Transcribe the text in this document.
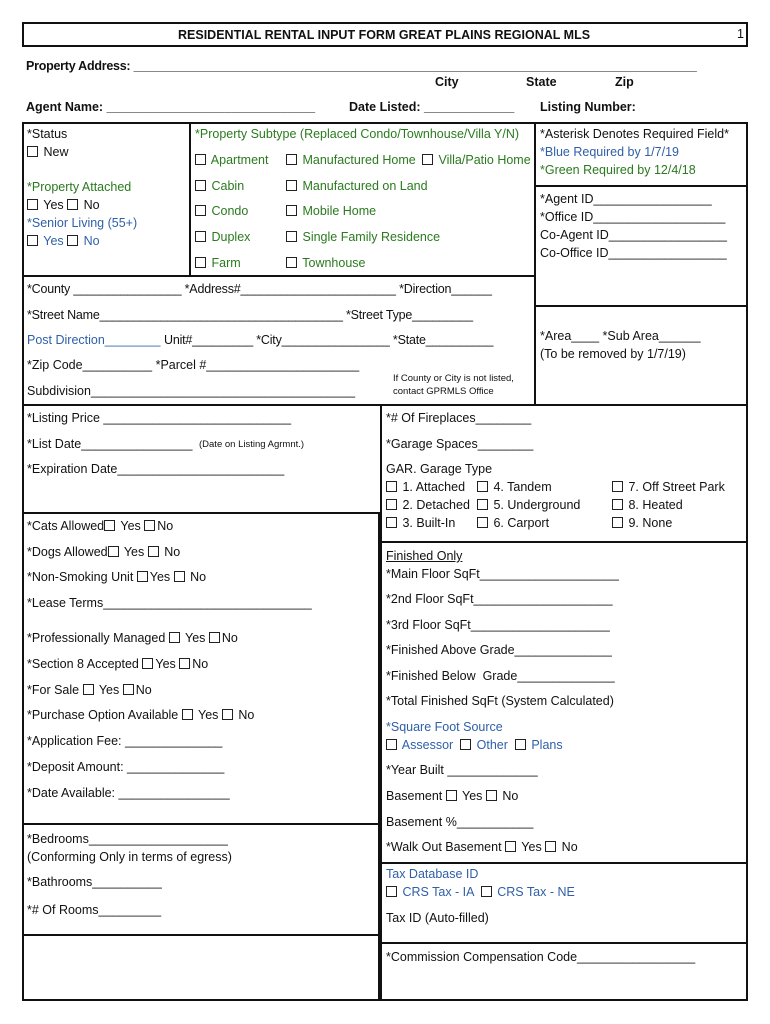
RESIDENTIAL RENTAL INPUT FORM GREAT PLAINS REGIONAL MLS	1
Property Address: ____________________________________________________________________________________
City	State	Zip
Agent Name: ______________________________	Date Listed: _____________ Listing Number:
*Status
New
*Property Attached
Yes No
*Senior Living (55+)
Yes No
*Property Subtype (Replaced Condo/Townhouse/Villa Y/N)
Apartment	Manufactured Home	Villa/Patio Home
Cabin	Manufactured on Land
Condo	Mobile Home
Duplex	Single Family Residence
Farm	Townhouse
*Asterisk Denotes Required Field*
*Blue Required by 1/7/19
*Green Required by 12/4/18
*Agent ID_________________
*Office ID___________________
Co-Agent ID_________________
Co-Office ID_________________
*County ________________ *Address#_______________________ *Direction______
*Street Name____________________________________ *Street Type_________
Post Direction________ Unit#_________ *City________________ *State__________
*Zip Code__________ *Parcel #______________________
Subdivision______________________________________
If County or City is not listed,
contact GPRMLS Office
*Area____ *Sub Area______
(To be removed by 1/7/19)
*Listing Price ___________________________
*List Date________________ (Date on Listing Agrmnt.)
*Expiration Date________________________
*# Of Fireplaces________
*Garage Spaces________
GAR. Garage Type
1. Attached	4. Tandem	7. Off Street Park
2. Detached	5. Underground	8. Heated
3. Built-In	6. Carport	9. None
*Cats Allowed Yes No
*Dogs Allowed Yes No
*Non-Smoking Unit Yes No
*Lease Terms______________________________
*Professionally Managed Yes No
*Section 8 Accepted Yes No
*For Sale Yes No
*Purchase Option Available Yes No
*Application Fee: ______________
*Deposit Amount: ______________
*Date Available: ________________
Finished Only
*Main Floor SqFt____________________
*2nd Floor SqFt____________________
*3rd Floor SqFt____________________
*Finished Above Grade______________
*Finished Below  Grade______________
*Total Finished SqFt (System Calculated)
*Square Foot Source
Assessor Other Plans
*Year Built _____________
Basement Yes No
Basement %___________
*Walk Out Basement Yes No
*Bedrooms____________________
(Conforming Only in terms of egress)
*Bathrooms__________
*# Of Rooms_________
Tax Database ID
CRS Tax - IA CRS Tax - NE
Tax ID (Auto-filled)
*Commission Compensation Code_________________
